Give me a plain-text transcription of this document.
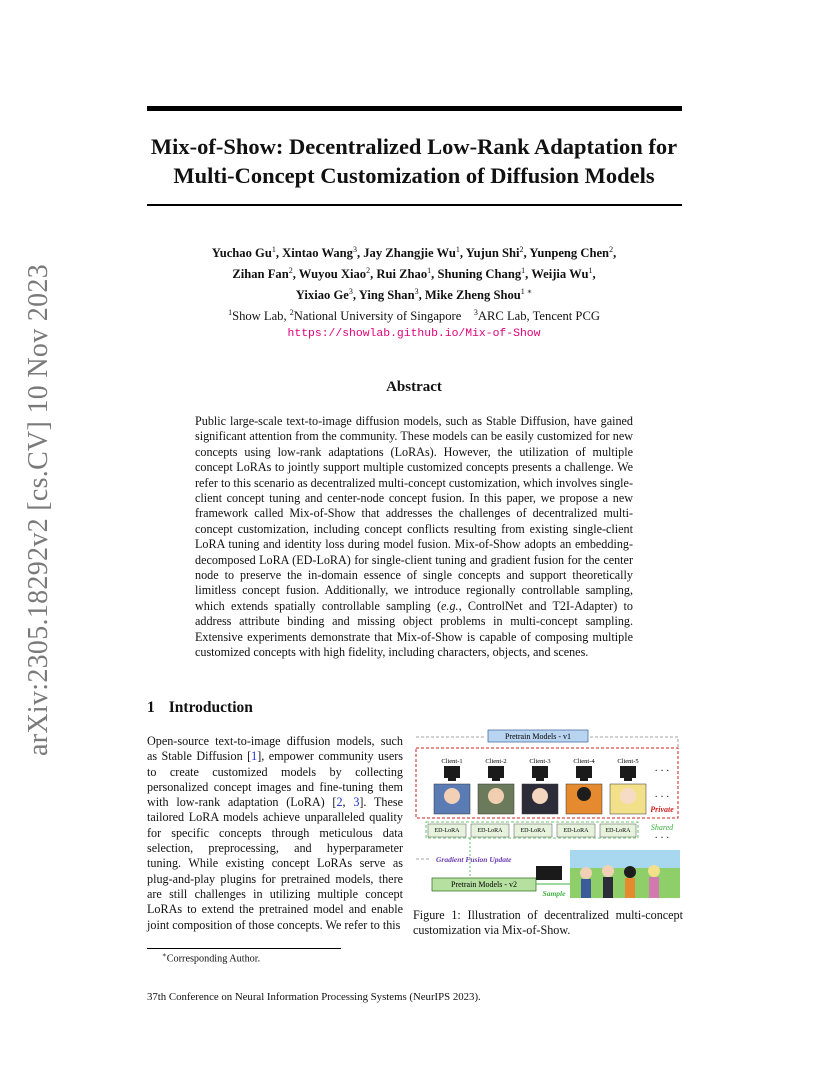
arXiv:2305.18292v2 [cs.CV] 10 Nov 2023
Mix-of-Show: Decentralized Low-Rank Adaptation for
Multi-Concept Customization of Diffusion Models
Yuchao Gu$^1$, Xintao Wang$^3$, Jay Zhangjie Wu$^1$, Yujun Shi$^2$, Yunpeng Chen$^2$,
Zihan Fan$^2$, Wuyou Xiao$^2$, Rui Zhao$^1$, Shuning Chang$^1$, Weijia Wu$^1$,
Yixiao Ge$^3$, Ying Shan$^3$, Mike Zheng Shou$^{1 ∗}$
$^1$Show Lab, $^2$National University of Singapore $^3$ARC Lab, Tencent PCG
https://showlab.github.io/Mix-of-Show
Abstract
Public large-scale text-to-image diffusion models, such as Stable Diffusion, have gained significant attention from the community. These models can be easily customized for new concepts using low-rank adaptations (LoRAs). However, the utilization of multiple concept LoRAs to jointly support multiple customized concepts presents a challenge. We refer to this scenario as decentralized multi-concept customization, which involves single-client concept tuning and center-node concept fusion. In this paper, we propose a new framework called Mix-of-Show that addresses the challenges of decentralized multi-concept customization, including concept conflicts resulting from existing single-client LoRA tuning and identity loss during model fusion. Mix-of-Show adopts an embedding-decomposed LoRA (ED-LoRA) for single-client tuning and gradient fusion for the center node to preserve the in-domain essence of single concepts and support theoretically limitless concept fusion. Additionally, we introduce regionally controllable sampling, which extends spatially controllable sampling (e.g., ControlNet and T2I-Adapter) to address attribute binding and missing object problems in multi-concept sampling. Extensive experiments demonstrate that Mix-of-Show is capable of composing multiple customized concepts with high fidelity, including characters, objects, and scenes.
1 Introduction
Open-source text-to-image diffusion models, such as Stable Diffusion [1], empower community users to create customized models by collecting personalized concept images and fine-tuning them with low-rank adaptation (LoRA) [2, 3]. These tailored LoRA models achieve unparalleled quality for specific concepts through meticulous data selection, preprocessing, and hyperparameter tuning. While existing concept LoRAs serve as plug-and-play plugins for pretrained models, there are still challenges in utilizing multiple concept LoRAs to extend the pretrained model and enable joint composition of those concepts. We refer to this
Pretrain Models - v1
Client-1	Client-2	Client-3	Client-4	Client-5
· · ·
· · ·
Private
ED-LoRA	ED-LoRA	ED-LoRA	ED-LoRA	ED-LoRA	Shared
· · ·
Gradient Fusion Update
Pretrain Models - v2
Sample
Figure 1: Illustration of decentralized multi-concept customization via Mix-of-Show.
∗Corresponding Author.
37th Conference on Neural Information Processing Systems (NeurIPS 2023).
